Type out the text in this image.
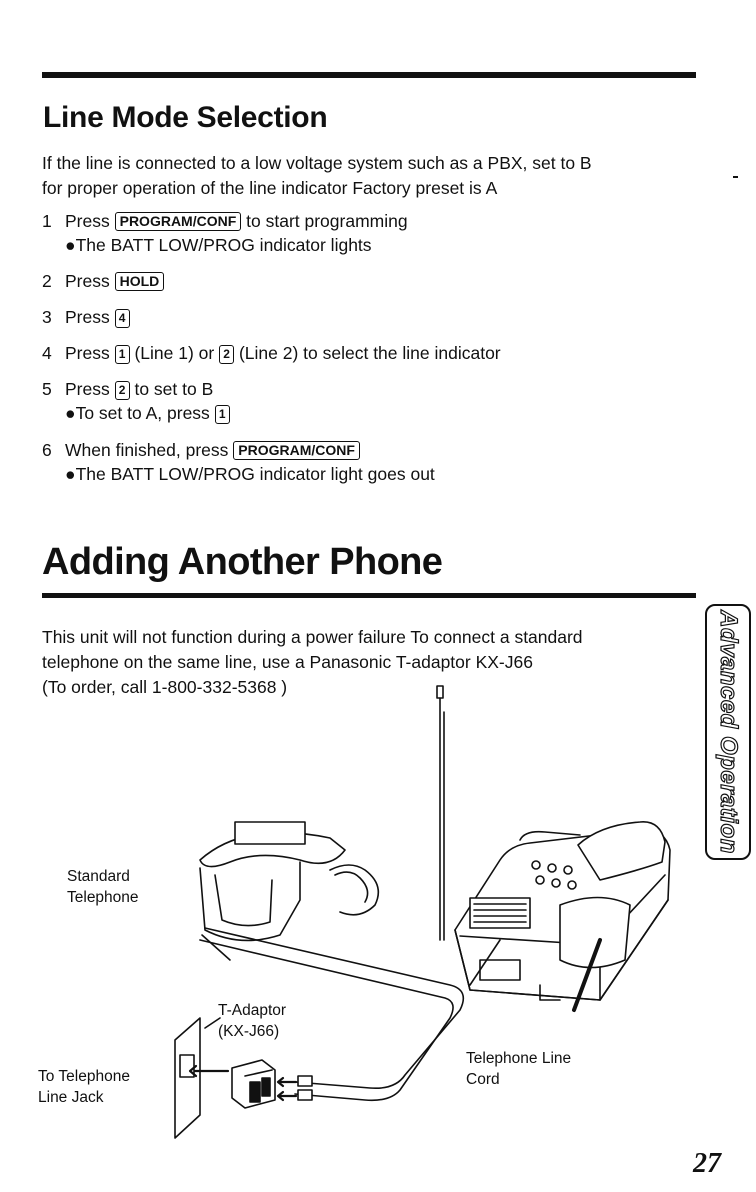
Line Mode Selection
If the line is connected to a low voltage system such as a PBX, set to B
for proper operation of the line indicator Factory preset is A
1 Press PROGRAM/CONF to start programming
●The BATT LOW/PROG indicator lights
2 Press HOLD
3 Press 4
4 Press 1 (Line 1) or 2 (Line 2) to select the line indicator
5 Press 2 to set to B
●To set to A, press 1
6 When finished, press PROGRAM/CONF
●The BATT LOW/PROG indicator light goes out
Adding Another Phone
This unit will not function during a power failure To connect a standard
telephone on the same line, use a Panasonic T-adaptor KX-J66
(To order, call 1-800-332-5368 )	Advanced Operation
Standard
Telephone
T-Adaptor
(KX-J66)
To Telephone
Line Jack
Telephone Line
Cord
27
